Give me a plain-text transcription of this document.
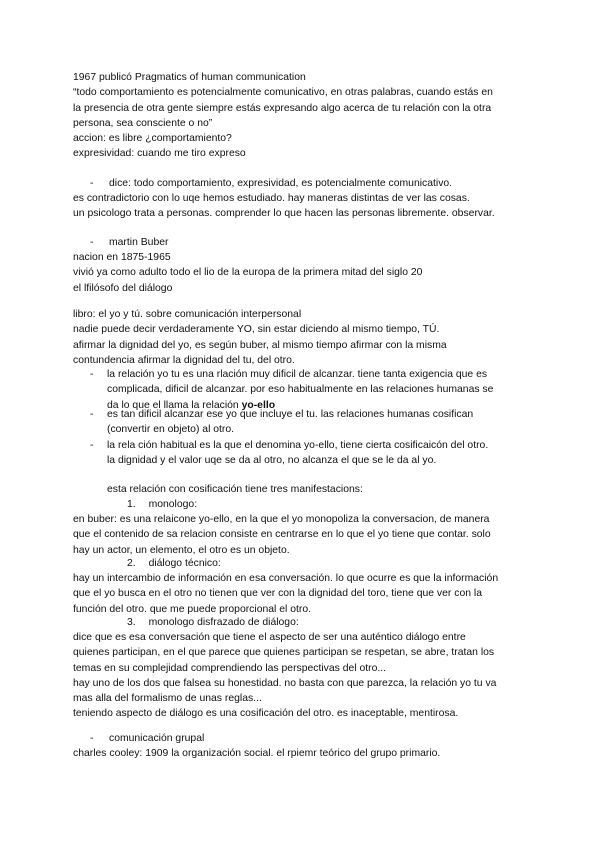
1967 publicó Pragmatics of human communication

“todo comportamiento es potencialmente comunicativo, en otras palabras, cuando estás en

la presencia de otra gente siempre estás expresando algo acerca de tu relación con la otra

persona, sea consciente o no”

accion: es libre ¿comportamiento?

expresividad: cuando me tiro expreso

- dice: todo comportamiento, expresividad, es potencialmente comunicativo.

es contradictorio con lo uqe hemos estudiado. hay maneras distintas de ver las cosas.

un psicologo trata a personas. comprender lo que hacen las personas libremente. observar.

- martin Buber

nacion en 1875-1965

vivió ya como adulto todo el lio de la europa de la primera mitad del siglo 20

el lfilósofo del diálogo

libro: el yo y tú. sobre comunicación interpersonal

nadie puede decir verdaderamente YO, sin estar diciendo al mismo tiempo, TÚ.

afirmar la dignidad del yo, es según buber, al mismo tiempo afirmar con la misma

contundencia afirmar la dignidad del tu, del otro.

- la relación yo tu es una rlación muy dificil de alcanzar. tiene tanta exigencia que es

complicada, dificil de alcanzar. por eso habitualmente en las relaciones humanas se

da lo que el llama la relación yo-ello

- es tan dificil alcanzar ese yo que incluye el tu. las relaciones humanas cosifican

(convertir en objeto) al otro.

- la rela ción habitual es la que el denomina yo-ello, tiene cierta cosificaicón del otro.

la dignidad y el valor uqe se da al otro, no alcanza el que se le da al yo.

esta relación con cosificación tiene tres manifestacions:

1. monologo:

en buber: es una relaicone yo-ello, en la que el yo monopoliza la conversacion, de manera

que el contenido de sa relacion consiste en centrarse en lo que el yo tiene que contar. solo

hay un actor, un elemento, el otro es un objeto.

2. diálogo técnico:

hay un intercambio de información en esa conversación. lo que ocurre es que la información

que el yo busca en el otro no tienen que ver con la dignidad del toro, tiene que ver con la

función del otro. que me puede proporcional el otro.

3. monologo disfrazado de diálogo:

dice que es esa conversación que tiene el aspecto de ser una auténtico diálogo entre

quienes participan, en el que parece que quienes participan se respetan, se abre, tratan los

temas en su complejidad comprendiendo las perspectivas del otro...

hay uno de los dos que falsea su honestidad. no basta con que parezca, la relación yo tu va

mas alla del formalismo de unas reglas...

teniendo aspecto de diálogo es una cosificación del otro. es inaceptable, mentirosa.

- comunicación grupal

charles cooley: 1909 la organización social. el rpiemr teórico del grupo primario.
